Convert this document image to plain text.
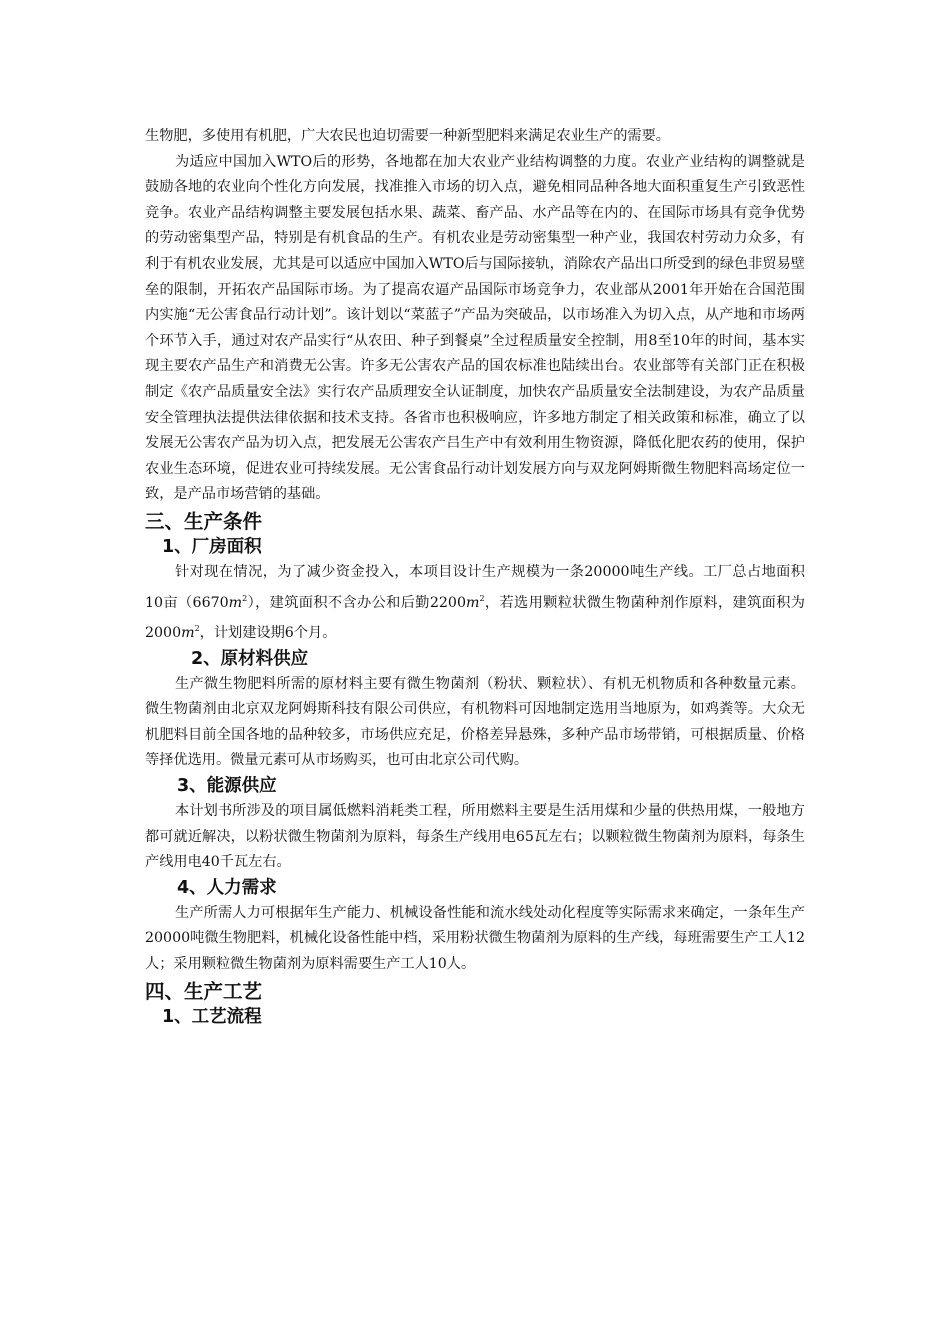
生物肥，多使用有机肥，广大农民也迫切需要一种新型肥料来满足农业生产的需要。

为适应中国加入WTO后的形势，各地都在加大农业产业结构调整的力度。农业产业结构的调整就是鼓励各地的农业向个性化方向发展，找准推入市场的切入点，避免相同品种各地大面积重复生产引致恶性竞争。农业产品结构调整主要发展包括水果、蔬菜、畜产品、水产品等在内的、在国际市场具有竞争优势的劳动密集型产品，特别是有机食品的生产。有机农业是劳动密集型一种产业，我国农村劳动力众多，有利于有机农业发展，尤其是可以适应中国加入WTO后与国际接轨，消除农产品出口所受到的绿色非贸易壁垒的限制，开拓农产品国际市场。为了提高农逼产品国际市场竞争力，农业部从2001年开始在合国范围内实施“无公害食品行动计划”。该计划以“菜蓝子”产品为突破品，以市场准入为切入点，从产地和市场两个环节入手，通过对农产品实行“从农田、种子到餐桌”全过程质量安全控制，用8至10年的时间，基本实现主要农产品生产和消费无公害。许多无公害农产品的国农标准也陆续出台。农业部等有关部门正在积极制定《农产品质量安全法》实行农产品质理安全认证制度，加快农产品质量安全法制建设，为农产品质量安全管理执法提供法律依据和技术支持。各省市也积极响应，许多地方制定了相关政策和标准，确立了以发展无公害农产品为切入点，把发展无公害农产吕生产中有效利用生物资源，降低化肥农药的使用，保护农业生态环境，促进农业可持续发展。无公害食品行动计划发展方向与双龙阿姆斯微生物肥料高场定位一致，是产品市场营销的基础。

三、生产条件
1、厂房面积

针对现在情况，为了减少资金投入，本项目设计生产规模为一条20000吨生产线。工厂总占地面积10亩$(6670m^2)$，建筑面积不含办公和后勤$2200m^2$，若选用颗粒状微生物菌种剂作原料，建筑面积为$2000m^2$，计划建设期6个月。

2、原材料供应

生产微生物肥料所需的原材料主要有微生物菌剂（粉状、颗粒状）、有机无机物质和各种数量元素。微生物菌剂由北京双龙阿姆斯科技有限公司供应，有机物料可因地制定选用当地原为，如鸡粪等。大众无机肥料目前全国各地的品种较多，市场供应充足，价格差异悬殊，多种产品市场带销，可根据质量、价格等择优选用。微量元素可从市场购买，也可由北京公司代购。

3、能源供应

本计划书所涉及的项目属低燃料消耗类工程，所用燃料主要是生活用煤和少量的供热用煤，一般地方都可就近解决，以粉状微生物菌剂为原料，每条生产线用电65瓦左右；以颗粒微生物菌剂为原料，每条生产线用电40千瓦左右。

4、人力需求

生产所需人力可根据年生产能力、机械设备性能和流水线处动化程度等实际需求来确定，一条年生产20000吨微生物肥料，机械化设备性能中档，采用粉状微生物菌剂为原料的生产线，每班需要生产工人12人；采用颗粒微生物菌剂为原料需要生产工人10人。

四、生产工艺
1、工艺流程
